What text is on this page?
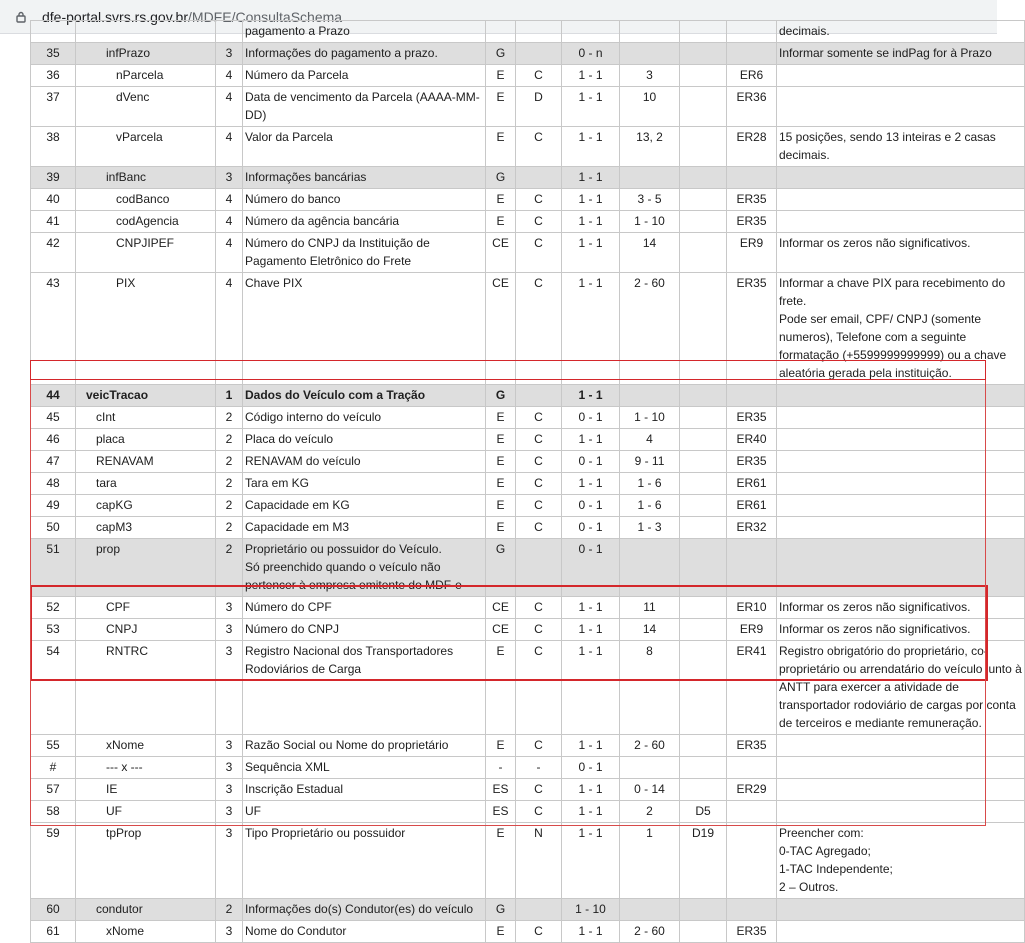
dfe-portal.svrs.rs.gov.br/MDFE/ConsultaSchema
			pagamento a Prazo							decimais.
35	infPrazo	3	Informações do pagamento a prazo.	G		0 - n				Informar somente se indPag for à Prazo
36	nParcela	4	Número da Parcela	E	C	1 - 1	3		ER6	
37	dVenc	4	Data de vencimento da Parcela (AAAA-MM-DD)	E	D	1 - 1	10		ER36	
38	vParcela	4	Valor da Parcela	E	C	1 - 1	13, 2		ER28	15 posições, sendo 13 inteiras e 2 casas decimais.
39	infBanc	3	Informações bancárias	G		1 - 1				
40	codBanco	4	Número do banco	E	C	1 - 1	3 - 5		ER35	
41	codAgencia	4	Número da agência bancária	E	C	1 - 1	1 - 10		ER35	
42	CNPJIPEF	4	Número do CNPJ da Instituição de Pagamento Eletrônico do Frete	CE	C	1 - 1	14		ER9	Informar os zeros não significativos.
43	PIX	4	Chave PIX	CE	C	1 - 1	2 - 60		ER35	Informar a chave PIX para recebimento do frete.
Pode ser email, CPF/ CNPJ (somente numeros), Telefone com a seguinte formatação (+5599999999999) ou a chave aleatória gerada pela instituição.
44	veicTracao	1	Dados do Veículo com a Tração	G		1 - 1				
45	cInt	2	Código interno do veículo	E	C	0 - 1	1 - 10		ER35	
46	placa	2	Placa do veículo	E	C	1 - 1	4		ER40	
47	RENAVAM	2	RENAVAM do veículo	E	C	0 - 1	9 - 11		ER35	
48	tara	2	Tara em KG	E	C	1 - 1	1 - 6		ER61	
49	capKG	2	Capacidade em KG	E	C	0 - 1	1 - 6		ER61	
50	capM3	2	Capacidade em M3	E	C	0 - 1	1 - 3		ER32	
51	prop	2	Proprietário ou possuidor do Veículo.
Só preenchido quando o veículo não pertencer à empresa emitente do MDF-e	G		0 - 1				
52	CPF	3	Número do CPF	CE	C	1 - 1	11		ER10	Informar os zeros não significativos.
53	CNPJ	3	Número do CNPJ	CE	C	1 - 1	14		ER9	Informar os zeros não significativos.
54	RNTRC	3	Registro Nacional dos Transportadores Rodoviários de Carga	E	C	1 - 1	8		ER41	Registro obrigatório do proprietário, co-proprietário ou arrendatário do veículo junto à ANTT para exercer a atividade de transportador rodoviário de cargas por conta de terceiros e mediante remuneração.
55	xNome	3	Razão Social ou Nome do proprietário	E	C	1 - 1	2 - 60		ER35	
#	--- x ---	3	Sequência XML	-	-	0 - 1				
57	IE	3	Inscrição Estadual	ES	C	1 - 1	0 - 14		ER29	
58	UF	3	UF	ES	C	1 - 1	2	D5		
59	tpProp	3	Tipo Proprietário ou possuidor	E	N	1 - 1	1	D19		Preencher com:
0-TAC Agregado;
1-TAC Independente;
2 – Outros.
60	condutor	2	Informações do(s) Condutor(es) do veículo	G		1 - 10				
61	xNome	3	Nome do Condutor	E	C	1 - 1	2 - 60		ER35	
